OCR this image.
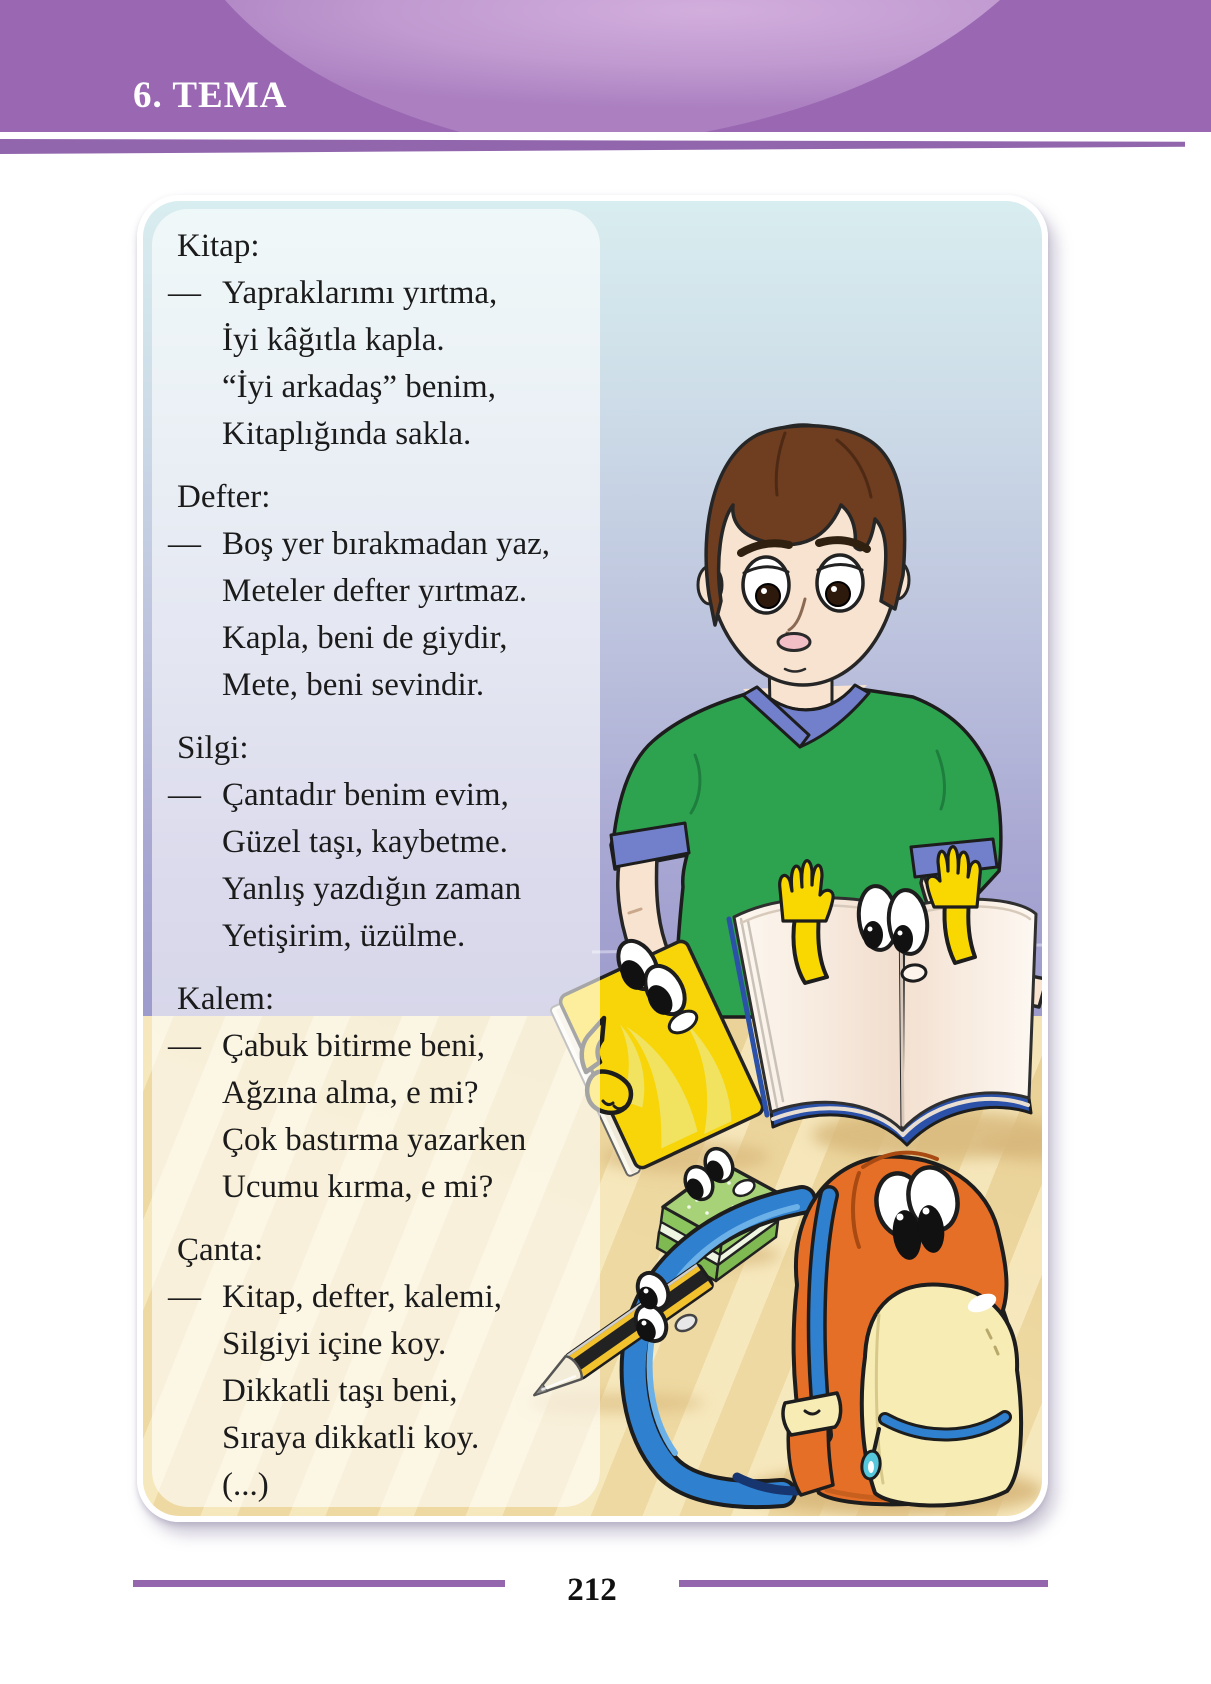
6. TEMA
Kitap:
— Yapraklarımı yırtma,
İyi kâğıtla kapla.
“İyi arkadaş” benim,
Kitaplığında sakla.
Defter:
— Boş yer bırakmadan yaz,
Meteler defter yırtmaz.
Kapla, beni de giydir,
Mete, beni sevindir.
Silgi:
— Çantadır benim evim,
Güzel taşı, kaybetme.
Yanlış yazdığın zaman
Yetişirim, üzülme.
Kalem:
— Çabuk bitirme beni,
Ağzına alma, e mi?
Çok bastırma yazarken
Ucumu kırma, e mi?
Çanta:
— Kitap, defter, kalemi,
Silgiyi içine koy.
Dikkatli taşı beni,
Sıraya dikkatli koy.
(...)
212
